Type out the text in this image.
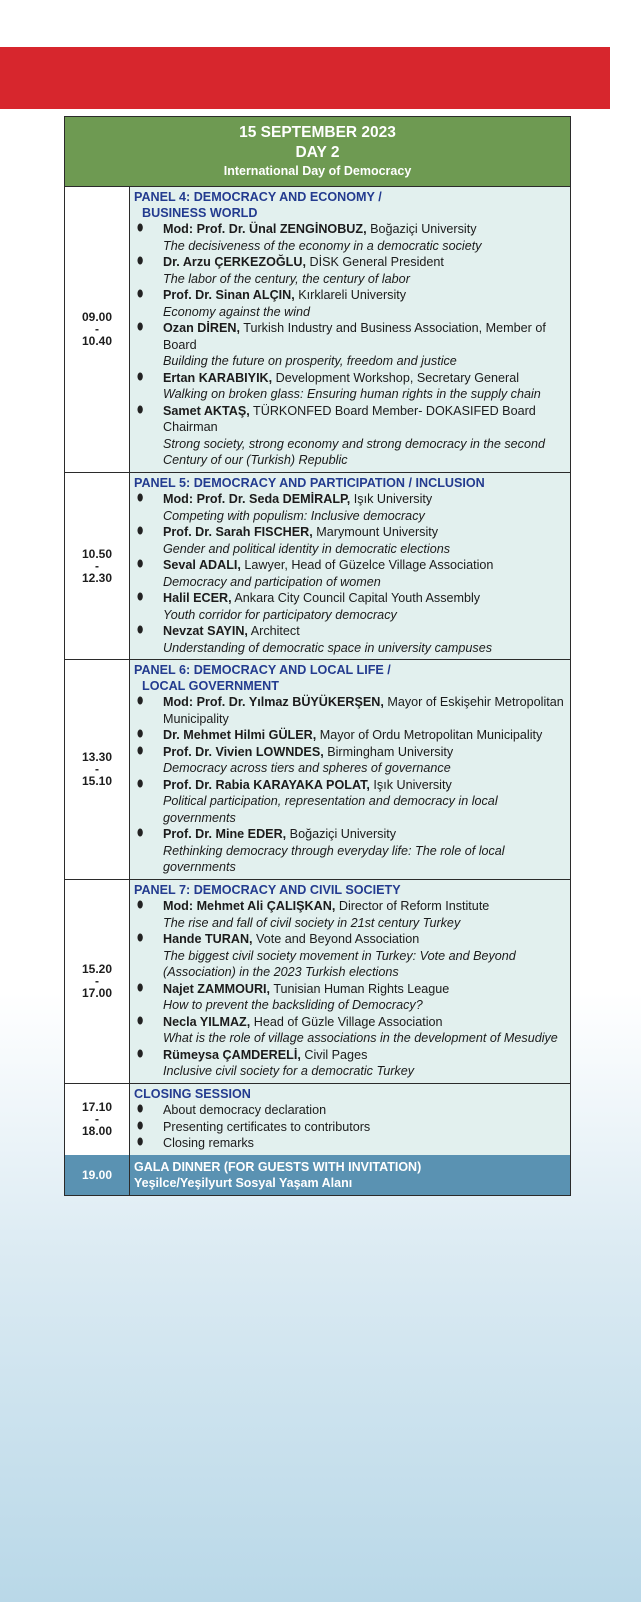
15 SEPTEMBER 2023
DAY 2
International Day of Democracy
09.00
-
10.40
PANEL 4: DEMOCRACY AND ECONOMY /
BUSINESS WORLD
⬮	Mod: Prof. Dr. Ünal ZENGİNOBUZ, Boğaziçi University
The decisiveness of the economy in a democratic society
⬮	Dr. Arzu ÇERKEZOĞLU, DİSK General President
The labor of the century, the century of labor
⬮	Prof. Dr. Sinan ALÇIN, Kırklareli University
Economy against the wind
⬮	Ozan DİREN, Turkish Industry and Business Association, Member of Board
Building the future on prosperity, freedom and justice
⬮	Ertan KARABIYIK, Development Workshop, Secretary General
Walking on broken glass: Ensuring human rights in the supply chain
⬮	Samet AKTAŞ, TÜRKONFED Board Member- DOKASIFED Board Chairman
Strong society, strong economy and strong democracy in the second Century of our (Turkish) Republic
10.50
-
12.30
PANEL 5: DEMOCRACY AND PARTICIPATION / INCLUSION
⬮	Mod: Prof. Dr. Seda DEMİRALP, Işık University
Competing with populism: Inclusive democracy
⬮	Prof. Dr. Sarah FISCHER, Marymount University
Gender and political identity in democratic elections
⬮	Seval ADALI, Lawyer, Head of Güzelce Village Association
Democracy and participation of women
⬮	Halil ECER, Ankara City Council Capital Youth Assembly
Youth corridor for participatory democracy
⬮	Nevzat SAYIN, Architect
Understanding of democratic space in university campuses
13.30
-
15.10
PANEL 6: DEMOCRACY AND LOCAL LIFE /
LOCAL GOVERNMENT
⬮	Mod: Prof. Dr. Yılmaz BÜYÜKERŞEN, Mayor of Eskişehir Metropolitan Municipality
⬮	Dr. Mehmet Hilmi GÜLER, Mayor of Ordu Metropolitan Municipality
⬮	Prof. Dr. Vivien LOWNDES, Birmingham University
Democracy across tiers and spheres of governance
⬮	Prof. Dr. Rabia KARAYAKA POLAT, Işık University
Political participation, representation and democracy in local governments
⬮	Prof. Dr. Mine EDER, Boğaziçi University
Rethinking democracy through everyday life: The role of local governments
15.20
-
17.00
PANEL 7: DEMOCRACY AND CIVIL SOCIETY
⬮	Mod: Mehmet Ali ÇALIŞKAN, Director of Reform Institute
The rise and fall of civil society in 21st century Turkey
⬮	Hande TURAN, Vote and Beyond Association
The biggest civil society movement in Turkey: Vote and Beyond (Association) in the 2023 Turkish elections
⬮	Najet ZAMMOURI, Tunisian Human Rights League
How to prevent the backsliding of Democracy?
⬮	Necla YILMAZ, Head of Güzle Village Association
What is the role of village associations in the development of Mesudiye
⬮	Rümeysa ÇAMDERELİ, Civil Pages
Inclusive civil society for a democratic Turkey
17.10
-
18.00
CLOSING SESSION
⬮	About democracy declaration
⬮	Presenting certificates to contributors
⬮	Closing remarks
19.00
GALA DINNER (FOR GUESTS WITH INVITATION)
Yeşilce/Yeşilyurt Sosyal Yaşam Alanı
